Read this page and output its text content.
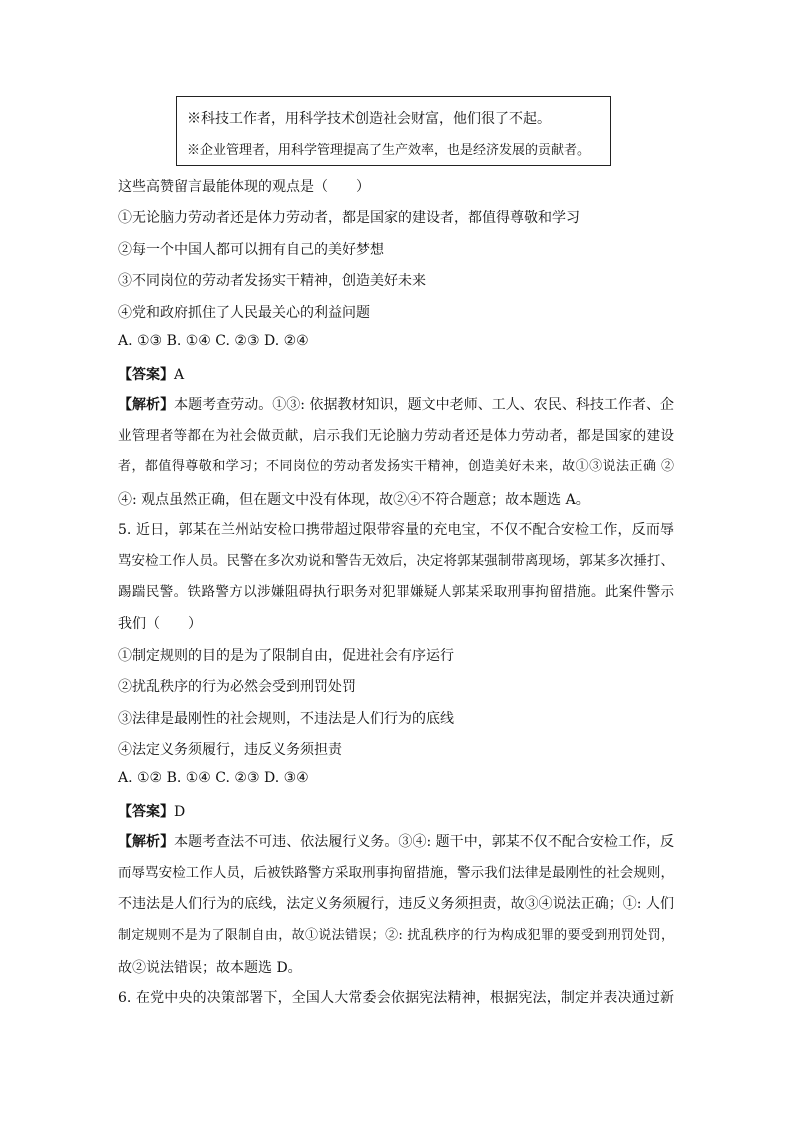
※科技工作者，用科学技术创造社会财富，他们很了不起。
※企业管理者，用科学管理提高了生产效率，也是经济发展的贡献者。
这些高赞留言最能体现的观点是（　　）
①无论脑力劳动者还是体力劳动者，都是国家的建设者，都值得尊敬和学习
②每一个中国人都可以拥有自己的美好梦想
③不同岗位的劳动者发扬实干精神，创造美好未来
④党和政府抓住了人民最关心的利益问题
A. ①③ B. ①④ C. ②③ D. ②④
【答案】A
【解析】本题考查劳动。①③: 依据教材知识，题文中老师、工人、农民、科技工作者、企
业管理者等都在为社会做贡献，启示我们无论脑力劳动者还是体力劳动者，都是国家的建设
者，都值得尊敬和学习；不同岗位的劳动者发扬实干精神，创造美好未来，故①③说法正确 ②
④: 观点虽然正确，但在题文中没有体现，故②④不符合题意；故本题选 A。
5. 近日，郭某在兰州站安检口携带超过限带容量的充电宝，不仅不配合安检工作，反而辱
骂安检工作人员。民警在多次劝说和警告无效后，决定将郭某强制带离现场，郭某多次捶打、
踢踹民警。铁路警方以涉嫌阻碍执行职务对犯罪嫌疑人郭某采取刑事拘留措施。此案件警示
我们（　　）
①制定规则的目的是为了限制自由，促进社会有序运行
②扰乱秩序的行为必然会受到刑罚处罚
③法律是最刚性的社会规则，不违法是人们行为的底线
④法定义务须履行，违反义务须担责
A. ①② B. ①④ C. ②③ D. ③④
【答案】D
【解析】本题考查法不可违、依法履行义务。③④: 题干中，郭某不仅不配合安检工作，反
而辱骂安检工作人员，后被铁路警方采取刑事拘留措施，警示我们法律是最刚性的社会规则，
不违法是人们行为的底线，法定义务须履行，违反义务须担责，故③④说法正确；①: 人们
制定规则不是为了限制自由，故①说法错误；②: 扰乱秩序的行为构成犯罪的要受到刑罚处罚，
故②说法错误；故本题选 D。
6. 在党中央的决策部署下，全国人大常委会依据宪法精神，根据宪法，制定并表决通过新
